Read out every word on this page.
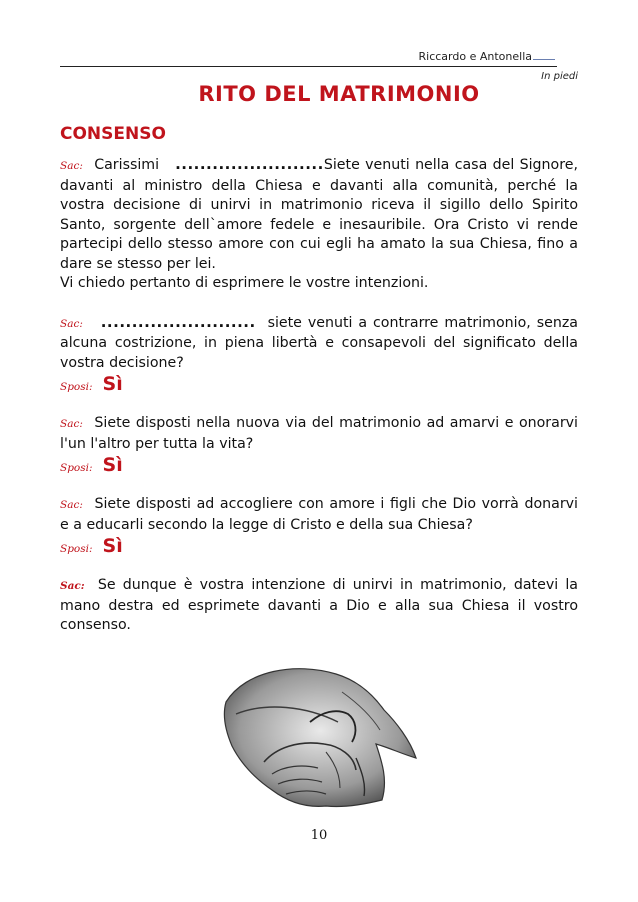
Riccardo e Antonella
In piedi
RITO DEL MATRIMONIO
CONSENSO

Sac: Carissimi ........................Siete venuti nella casa del Signore, davanti al ministro della Chiesa e davanti alla comunità, perché la vostra decisione di unirvi in matrimonio riceva il sigillo dello Spirito Santo, sorgente dell`amore fedele e inesauribile. Ora Cristo vi rende partecipi dello stesso amore con cui egli ha amato la sua Chiesa, fino a dare se stesso per lei.

Vi chiedo pertanto di esprimere le vostre intenzioni.

Sac: ......................... siete venuti a contrarre matrimonio, senza alcuna costrizione, in piena libertà e consapevoli del significato della vostra decisione?

Sposi: Sì

Sac: Siete disposti nella nuova via del matrimonio ad amarvi e onorarvi l'un l'altro per tutta la vita?

Sposi: Sì

Sac: Siete disposti ad accogliere con amore i figli che Dio vorrà donarvi e a educarli secondo la legge di Cristo e della sua Chiesa?

Sposi: Sì

Sac: Se dunque è vostra intenzione di unirvi in matrimonio, datevi la mano destra ed esprimete davanti a Dio e alla sua Chiesa il vostro consenso.

10
